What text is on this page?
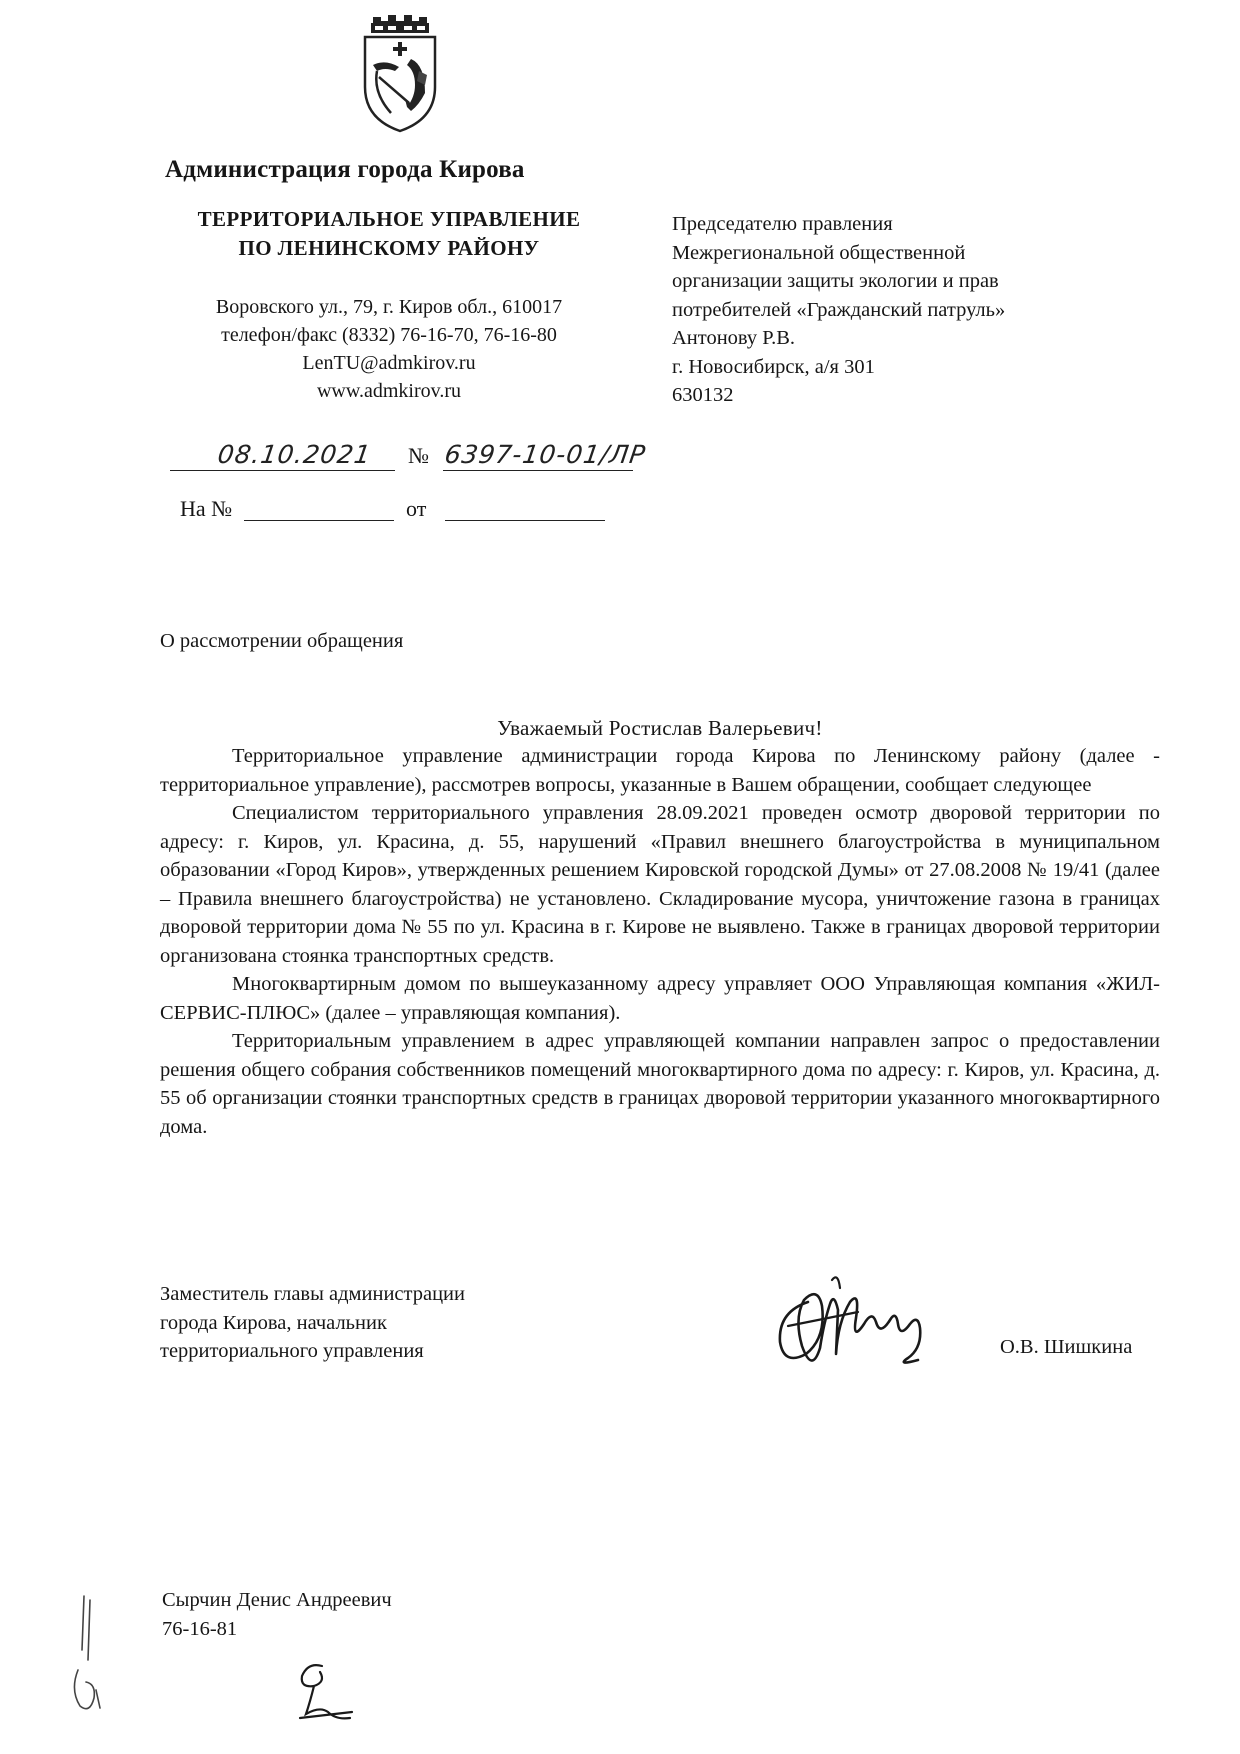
Администрация города Кирова
ТЕРРИТОРИАЛЬНОЕ УПРАВЛЕНИЕ
ПО ЛЕНИНСКОМУ РАЙОНУ
Воровского ул., 79, г. Киров обл., 610017
телефон/факс (8332) 76-16-70, 76-16-80
LenTU@admkirov.ru
www.admkirov.ru
Председателю правления
Межрегиональной общественной
организации защиты экологии и прав
потребителей «Гражданский патруль»
Антонову Р.В.
г. Новосибирск, а/я 301
630132
08.10.2021 № 6397-10-01/ЛР
На №	от
О рассмотрении обращения
Уважаемый Ростислав Валерьевич!

Территориальное управление администрации города Кирова по Ленинскому району (далее - территориальное управление), рассмотрев вопросы, указанные в Вашем обращении, сообщает следующее

Специалистом территориального управления 28.09.2021 проведен осмотр дворовой территории по адресу: г. Киров, ул. Красина, д. 55, нарушений «Правил внешнего благоустройства в муниципальном образовании «Город Киров», утвержденных решением Кировской городской Думы» от 27.08.2008 № 19/41 (далее – Правила внешнего благоустройства) не установлено. Складирование мусора, уничтожение газона в границах дворовой территории дома № 55 по ул. Красина в г. Кирове не выявлено. Также в границах дворовой территории организована стоянка транспортных средств.

Многоквартирным домом по вышеуказанному адресу управляет ООО Управляющая компания «ЖИЛ-СЕРВИС-ПЛЮС» (далее – управляющая компания).

Территориальным управлением в адрес управляющей компании направлен запрос о предоставлении решения общего собрания собственников помещений многоквартирного дома по адресу: г. Киров, ул. Красина, д. 55 об организации стоянки транспортных средств в границах дворовой территории указанного многоквартирного дома.

Заместитель главы администрации
города Кирова, начальник
территориального управления	О.В. Шишкина
Сырчин Денис Андреевич
76-16-81
